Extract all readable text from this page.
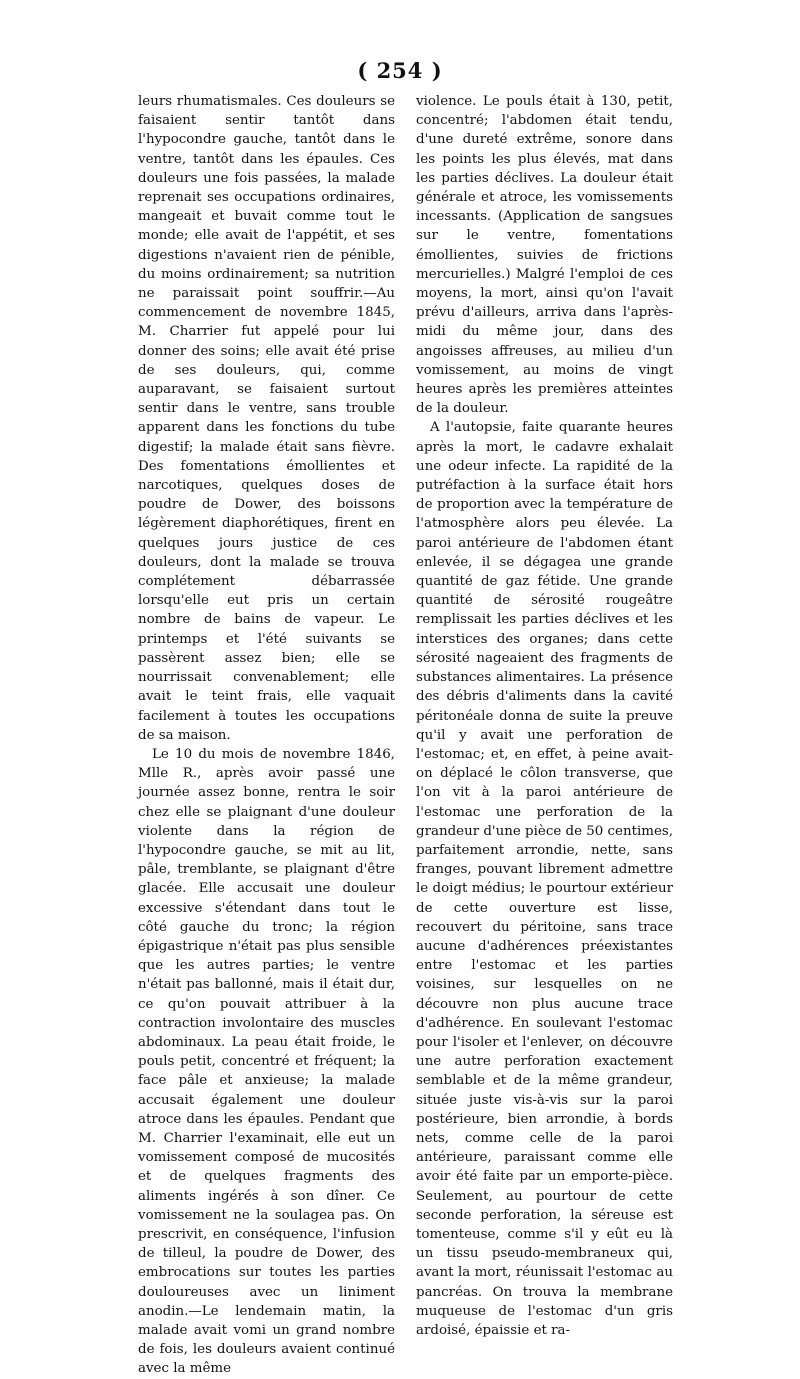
( 254 )

leurs rhumatismales. Ces douleurs se faisaient sentir tantôt dans l'hypocondre gauche, tantôt dans le ventre, tantôt dans les épaules. Ces douleurs une fois passées, la malade reprenait ses occupations ordinaires, mangeait et buvait comme tout le monde; elle avait de l'appétit, et ses digestions n'avaient rien de pénible, du moins ordinairement; sa nutrition ne paraissait point souffrir.—Au commencement de novembre 1845, M. Charrier fut appelé pour lui donner des soins; elle avait été prise de ses douleurs, qui, comme auparavant, se faisaient surtout sentir dans le ventre, sans trouble apparent dans les fonctions du tube digestif; la malade était sans fièvre. Des fomentations émollientes et narcotiques, quelques doses de poudre de Dower, des boissons légèrement diaphorétiques, firent en quelques jours justice de ces douleurs, dont la malade se trouva complétement débarrassée lorsqu'elle eut pris un certain nombre de bains de vapeur. Le printemps et l'été suivants se passèrent assez bien; elle se nourrissait convenablement; elle avait le teint frais, elle vaquait facilement à toutes les occupations de sa maison.

Le 10 du mois de novembre 1846, Mlle R., après avoir passé une journée assez bonne, rentra le soir chez elle se plaignant d'une douleur violente dans la région de l'hypocondre gauche, se mit au lit, pâle, tremblante, se plaignant d'être glacée. Elle accusait une douleur excessive s'étendant dans tout le côté gauche du tronc; la région épigastrique n'était pas plus sensible que les autres parties; le ventre n'était pas ballonné, mais il était dur, ce qu'on pouvait attribuer à la contraction involontaire des muscles abdominaux. La peau était froide, le pouls petit, concentré et fréquent; la face pâle et anxieuse; la malade accusait également une douleur atroce dans les épaules. Pendant que M. Charrier l'examinait, elle eut un vomissement composé de mucosités et de quelques fragments des aliments ingérés à son dîner. Ce vomissement ne la soulagea pas. On prescrivit, en conséquence, l'infusion de tilleul, la poudre de Dower, des embrocations sur toutes les parties douloureuses avec un liniment anodin.—Le lendemain matin, la malade avait vomi un grand nombre de fois, les douleurs avaient continué avec la même

violence. Le pouls était à 130, petit, concentré; l'abdomen était tendu, d'une dureté extrême, sonore dans les points les plus élevés, mat dans les parties déclives. La douleur était générale et atroce, les vomissements incessants. (Application de sangsues sur le ventre, fomentations émollientes, suivies de frictions mercurielles.) Malgré l'emploi de ces moyens, la mort, ainsi qu'on l'avait prévu d'ailleurs, arriva dans l'après-midi du même jour, dans des angoisses affreuses, au milieu d'un vomissement, au moins de vingt heures après les premières atteintes de la douleur.

A l'autopsie, faite quarante heures après la mort, le cadavre exhalait une odeur infecte. La rapidité de la putréfaction à la surface était hors de proportion avec la température de l'atmosphère alors peu élevée. La paroi antérieure de l'abdomen étant enlevée, il se dégagea une grande quantité de gaz fétide. Une grande quantité de sérosité rougeâtre remplissait les parties déclives et les interstices des organes; dans cette sérosité nageaient des fragments de substances alimentaires. La présence des débris d'aliments dans la cavité péritonéale donna de suite la preuve qu'il y avait une perforation de l'estomac; et, en effet, à peine avait-on déplacé le côlon transverse, que l'on vit à la paroi antérieure de l'estomac une perforation de la grandeur d'une pièce de 50 centimes, parfaitement arrondie, nette, sans franges, pouvant librement admettre le doigt médius; le pourtour extérieur de cette ouverture est lisse, recouvert du péritoine, sans trace aucune d'adhérences préexistantes entre l'estomac et les parties voisines, sur lesquelles on ne découvre non plus aucune trace d'adhérence. En soulevant l'estomac pour l'isoler et l'enlever, on découvre une autre perforation exactement semblable et de la même grandeur, située juste vis-à-vis sur la paroi postérieure, bien arrondie, à bords nets, comme celle de la paroi antérieure, paraissant comme elle avoir été faite par un emporte-pièce. Seulement, au pourtour de cette seconde perforation, la séreuse est tomenteuse, comme s'il y eût eu là un tissu pseudo-membraneux qui, avant la mort, réunissait l'estomac au pancréas. On trouva la membrane muqueuse de l'estomac d'un gris ardoisé, épaissie et ra-
